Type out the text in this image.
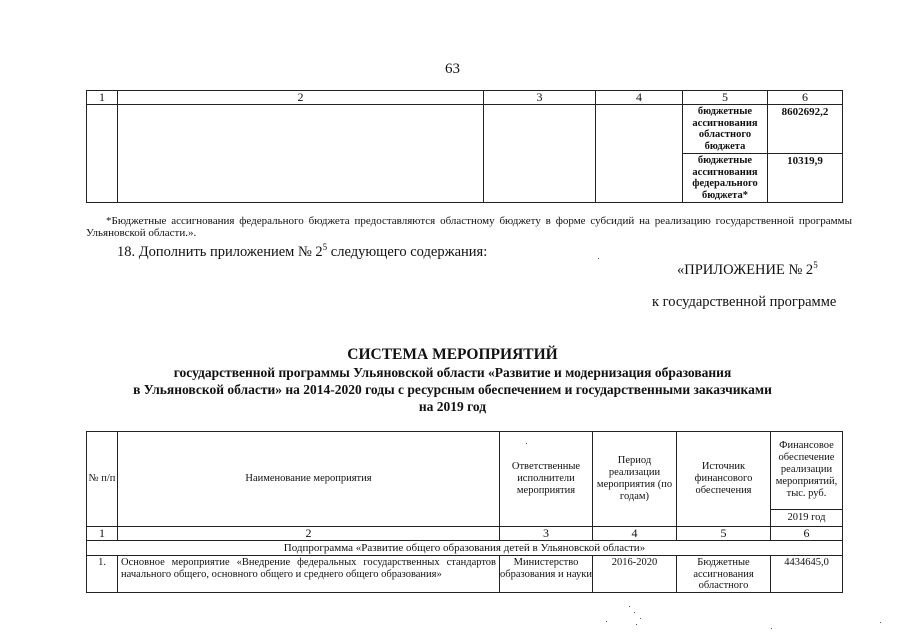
63
1	2	3	4	5	6
				бюджетные ассигнования областного бюджета	8602692,2
				бюджетные ассигнования федерального бюджета*	10319,9
*Бюджетные ассигнования федерального бюджета предоставляются областному бюджету в форме субсидий на реализацию государственной программы Ульяновской области.».
18. Дополнить приложением № $2^5$ следующего содержания:
«ПРИЛОЖЕНИЕ № $2^5$
к государственной программе
СИСТЕМА МЕРОПРИЯТИЙ
государственной программы Ульяновской области «Развитие и модернизация образования
в Ульяновской области» на 2014-2020 годы с ресурсным обеспечением и государственными заказчиками
на 2019 год
№ п/п	Наименование мероприятия	Ответственные исполнители мероприятия	Период реализации мероприятия (по годам)	Источник финансового обеспечения	Финансовое обеспечение реализации мероприятий, тыс. руб.
					2019 год
1	2	3	4	5	6
Подпрограмма «Развитие общего образования детей в Ульяновской области»					
1.	Основное мероприятие «Внедрение федеральных государственных стандартов начального общего, основного общего и среднего общего образования»	Министерство образования и науки	2016-2020	Бюджетные ассигнования областного	4434645,0
